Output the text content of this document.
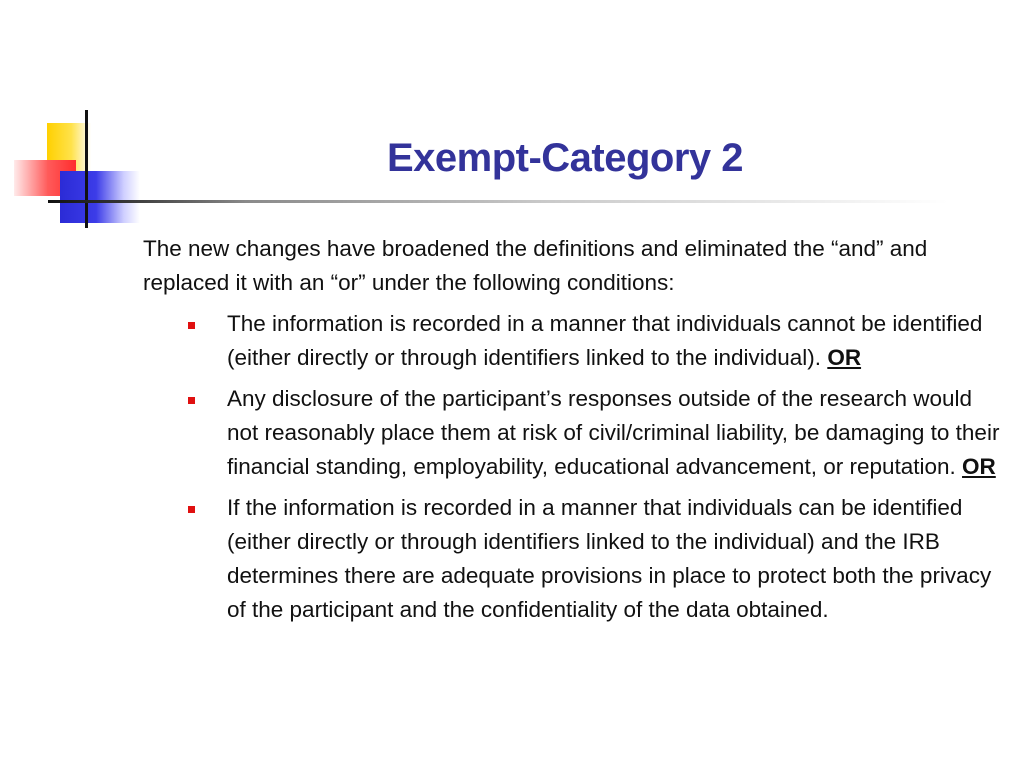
Exempt-Category 2

The new changes have broadened the definitions and eliminated the “and” and replaced it with an “or” under the following conditions:

The information is recorded in a manner that individuals cannot be identified (either directly or through identifiers linked to the individual). OR
Any disclosure of the participant’s responses outside of the research would not reasonably place them at risk of civil/criminal liability, be damaging to their financial standing, employability, educational advancement, or reputation. OR
If the information is recorded in a manner that individuals can be identified (either directly or through identifiers linked to the individual) and the IRB determines there are adequate provisions in place to protect both the privacy of the participant and the confidentiality of the data obtained.
